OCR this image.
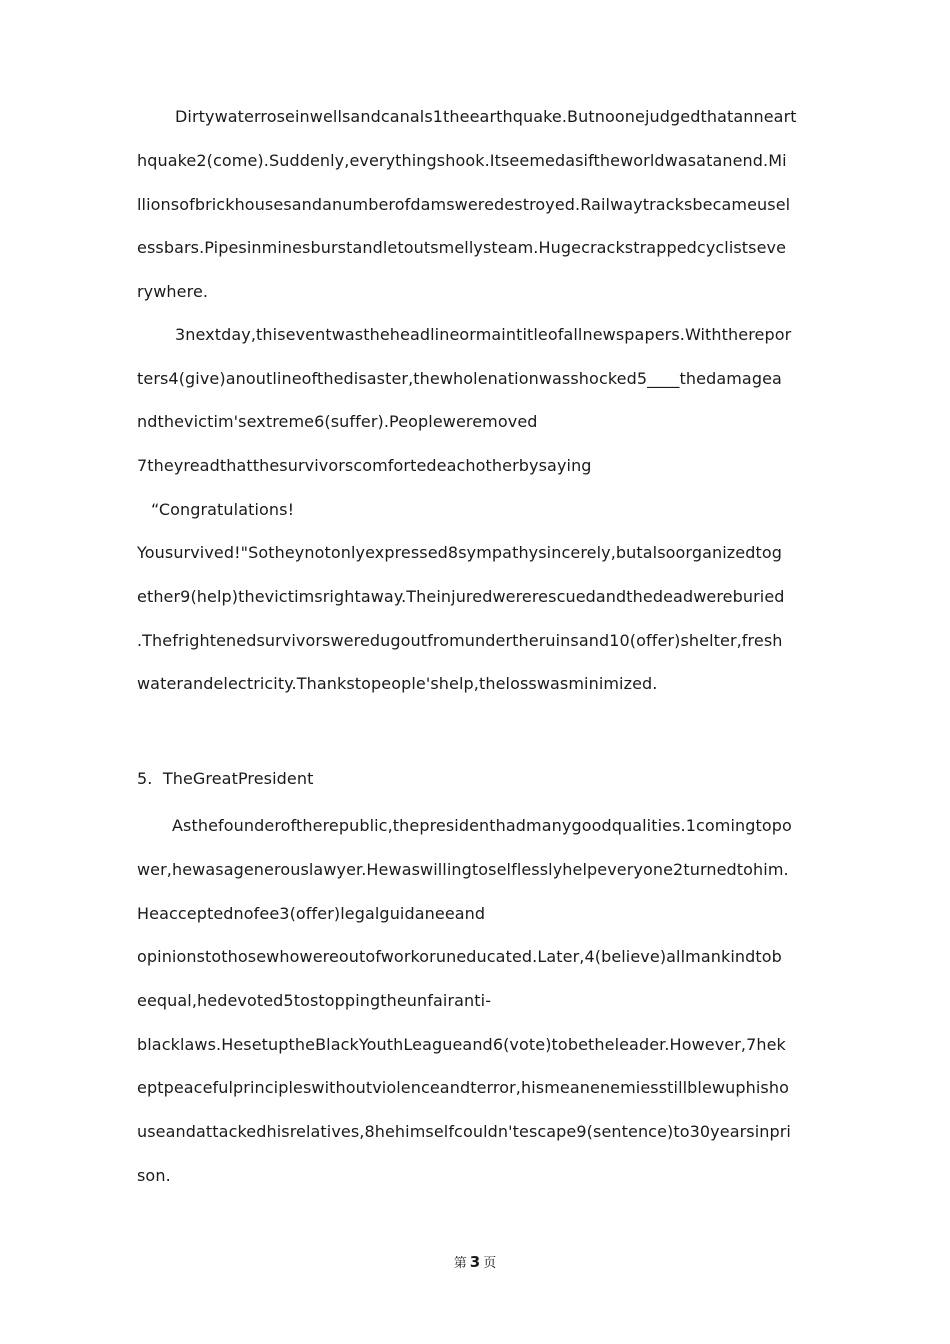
Dirtywaterroseinwellsandcanals1theearthquake.Butnoonejudgedthatanneart
hquake2(come).Suddenly,everythingshook.Itseemedasiftheworldwasatanend.Mi
llionsofbrickhousesandanumberofdamsweredestroyed.Railwaytracksbecameusel
essbars.Pipesinminesburstandletoutsmellysteam.Hugecrackstrappedcyclistseve
rywhere.
3nextday,thiseventwastheheadlineormaintitleofallnewspapers.Withtherepor
ters4(give)anoutlineofthedisaster,thewholenationwasshocked5____thedamagea
ndthevictim'sextreme6(suffer).Peopleweremoved
7theyreadthatthesurvivorscomfortedeachotherbysaying
“Congratulations!
Yousurvived!"Sotheynotonlyexpressed8sympathysincerely,butalsoorganizedtog
ether9(help)thevictimsrightaway.Theinjuredwererescuedandthedeadwereburied
.Thefrightenedsurvivorsweredugoutfromundertheruinsand10(offer)shelter,fresh
waterandelectricity.Thankstopeople'shelp,thelosswasminimized.
5. TheGreatPresident
Asthefounderoftherepublic,thepresidenthadmanygoodqualities.1comingtopo
wer,hewasagenerouslawyer.Hewaswillingtoselflesslyhelpeveryone2turnedtohim.
Heacceptednofee3(offer)legalguidaneeand
opinionstothosewhowereoutofworkoruneducated.Later,4(believe)allmankindtob
eequal,hedevoted5tostoppingtheunfairanti-
blacklaws.HesetuptheBlackYouthLeagueand6(vote)tobetheleader.However,7hek
eptpeacefulprincipleswithoutviolenceandterror,hismeanenemiesstillblewuphisho
useandattackedhisrelatives,8hehimselfcouldn'tescape9(sentence)to30yearsinpri
son.
第 3 页
